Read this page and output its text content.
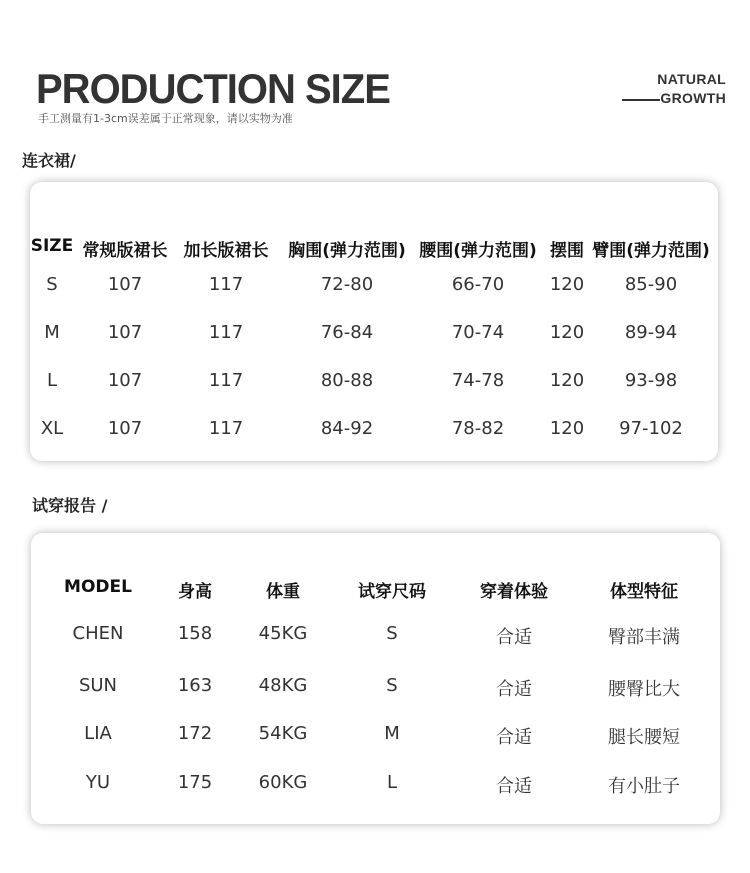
PRODUCTION SIZE
手工测量有1-3cm误差属于正常现象，请以实物为准
NATURAL
GROWTH
连衣裙/
SIZE 常规版裙长 加长版裙长 胸围(弹力范围) 腰围(弹力范围) 摆围 臂围(弹力范围)
S	107	117	72-80	66-70	120 85-90
M	107	117	76-84	70-74	120 89-94
L	107	117	80-88	74-78	120 93-98
XL 107	117	84-92	78-82	120 97-102
试穿报告 /
MODEL	身高	体重	试穿尺码	穿着体验	体型特征
CHEN	158	45KG	S	合适	臀部丰满
SUN	163	48KG	S	合适	腰臀比大
LIA	172	54KG	M	合适	腿长腰短
YU	175	60KG	L	合适	有小肚子
